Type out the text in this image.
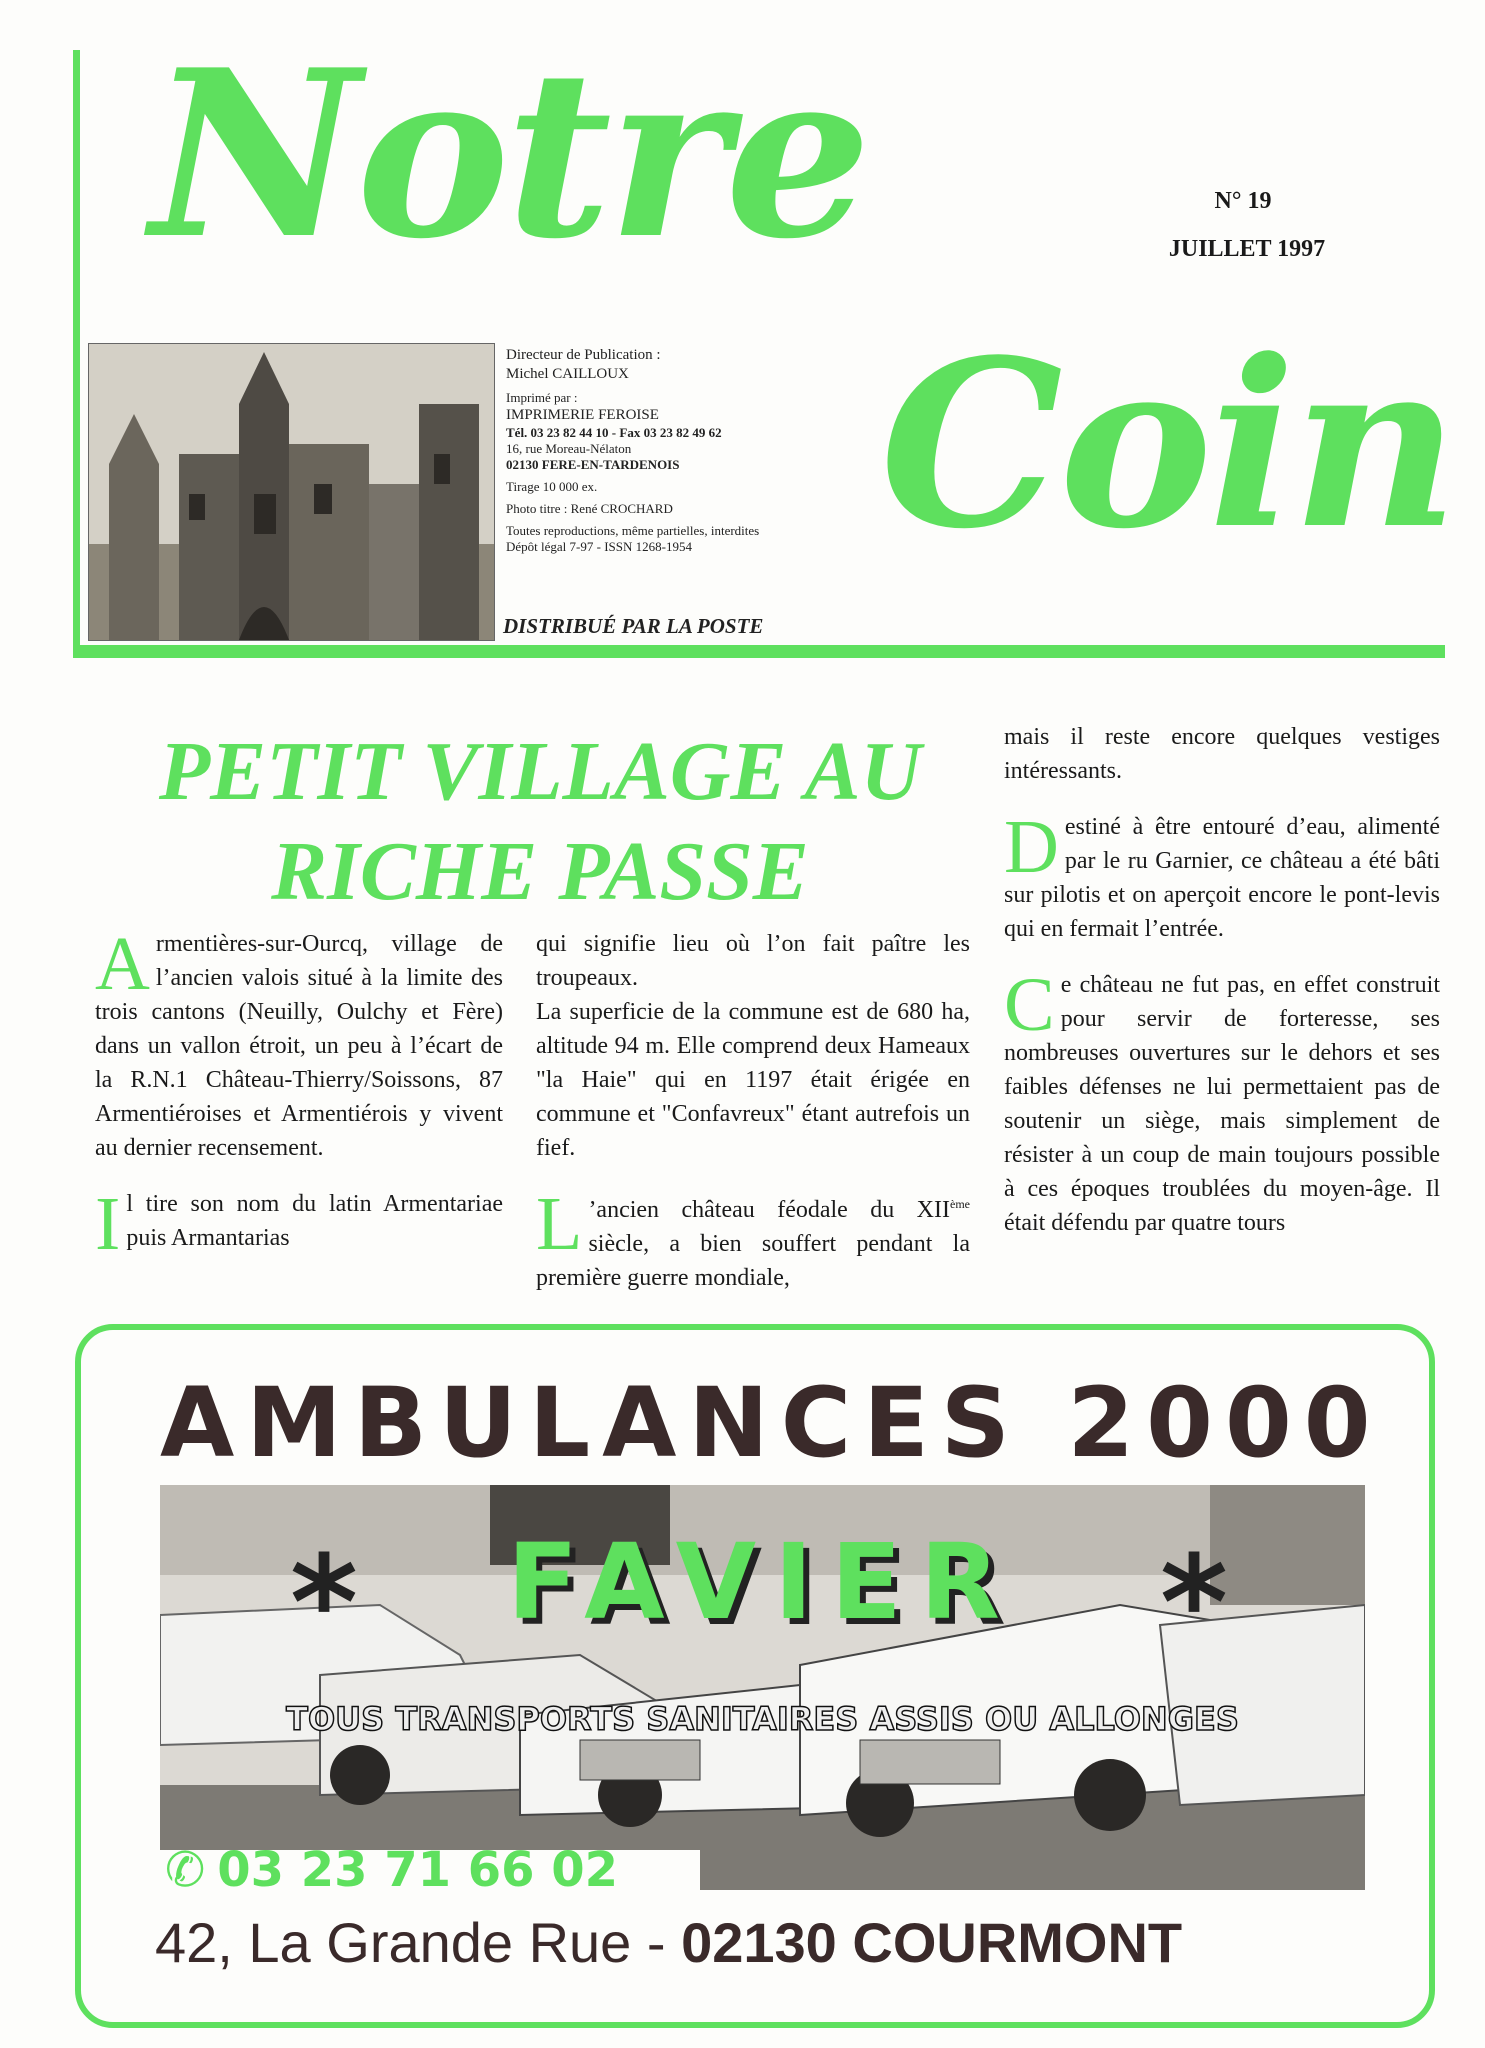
Notre
Coin
N° 19
JUILLET 1997
Directeur de Publication :
Michel CAILLOUX
Imprimé par :
IMPRIMERIE FEROISE
Tél. 03 23 82 44 10 - Fax 03 23 82 49 62
16, rue Moreau-Nélaton
02130 FERE-EN-TARDENOIS
Tirage 10 000 ex.
Photo titre : René CROCHARD
Toutes reproductions, même partielles, interdites
Dépôt légal 7-97 - ISSN 1268-1954
DISTRIBUÉ PAR LA POSTE
PETIT VILLAGE AU
RICHE PASSE

Armentières-sur-Ourcq, village de l’ancien valois situé à la limite des trois cantons (Neuilly, Oulchy et Fère) dans un vallon étroit, un peu à l’écart de la R.N.1 Château-Thierry/Soissons, 87 Armentiéroises et Armentiérois y vivent au dernier recensement.

Il tire son nom du latin Armentariae puis Armantarias

qui signifie lieu où l’on fait paître les troupeaux.

La superficie de la commune est de 680 ha, altitude 94 m. Elle comprend deux Hameaux "la Haie" qui en 1197 était érigée en commune et "Confavreux" étant autrefois un fief.

L ’ancien château féodale du XIIème siècle, a bien souffert pendant la première guerre mondiale,

mais il reste encore quelques vestiges intéressants.

Destiné à être entouré d’eau, alimenté par le ru Garnier, ce château a été bâti sur pilotis et on aperçoit encore le pont-levis qui en fermait l’entrée.

Ce château ne fut pas, en effet construit pour servir de forteresse, ses nombreuses ouvertures sur le dehors et ses faibles défenses ne lui permettaient pas de soutenir un siège, mais simplement de résister à un coup de main toujours possible à ces époques troublées du moyen-âge. Il était défendu par quatre tours

AMBULANCES 2000
*	*
FAVIER
TOUS TRANSPORTS SANITAIRES ASSIS OU ALLONGES
✆ 03 23 71 66 02
42, La Grande Rue - 02130 COURMONT
